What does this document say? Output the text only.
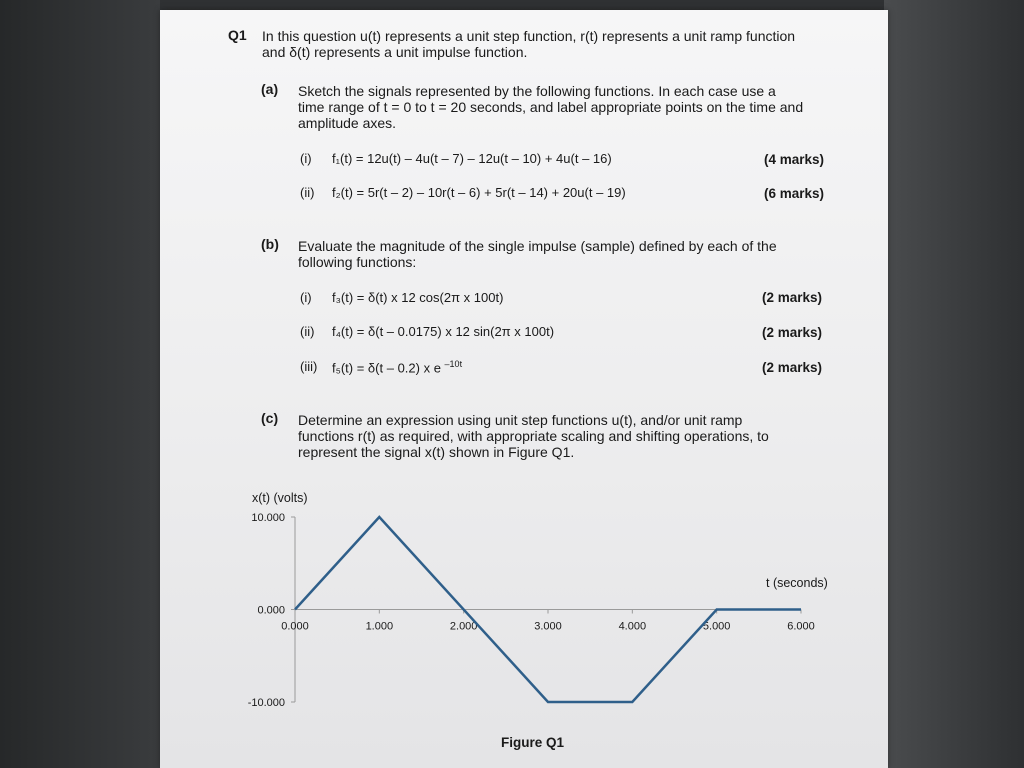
Q1 In this question u(t) represents a unit step function, r(t) represents a unit ramp function
and δ(t) represents a unit impulse function.
(a) Sketch the signals represented by the following functions. In each case use a
time range of t = 0 to t = 20 seconds, and label appropriate points on the time and
amplitude axes.
(i) f₁(t) = 12u(t) – 4u(t – 7) – 12u(t – 10) + 4u(t – 16)	(4 marks)
(ii) f₂(t) = 5r(t – 2) – 10r(t – 6) + 5r(t – 14) + 20u(t – 19)	(6 marks)
(b) Evaluate the magnitude of the single impulse (sample) defined by each of the
following functions:
(i) f₃(t) = δ(t) x 12 cos(2π x 100t)	(2 marks)
(ii) f₄(t) = δ(t – 0.0175) x 12 sin(2π x 100t)	(2 marks)
(iii) f₅(t) = δ(t – 0.2) x e $^{-10t}$	(2 marks)
(c) Determine an expression using unit step functions u(t), and/or unit ramp
functions r(t) as required, with appropriate scaling and shifting operations, to
represent the signal x(t) shown in Figure Q1.
10.000
0.000
-10.000
0.000	1.000	2.000	3.000	4.000	5.000	6.000
x(t) (volts)
t (seconds)
Figure Q1
